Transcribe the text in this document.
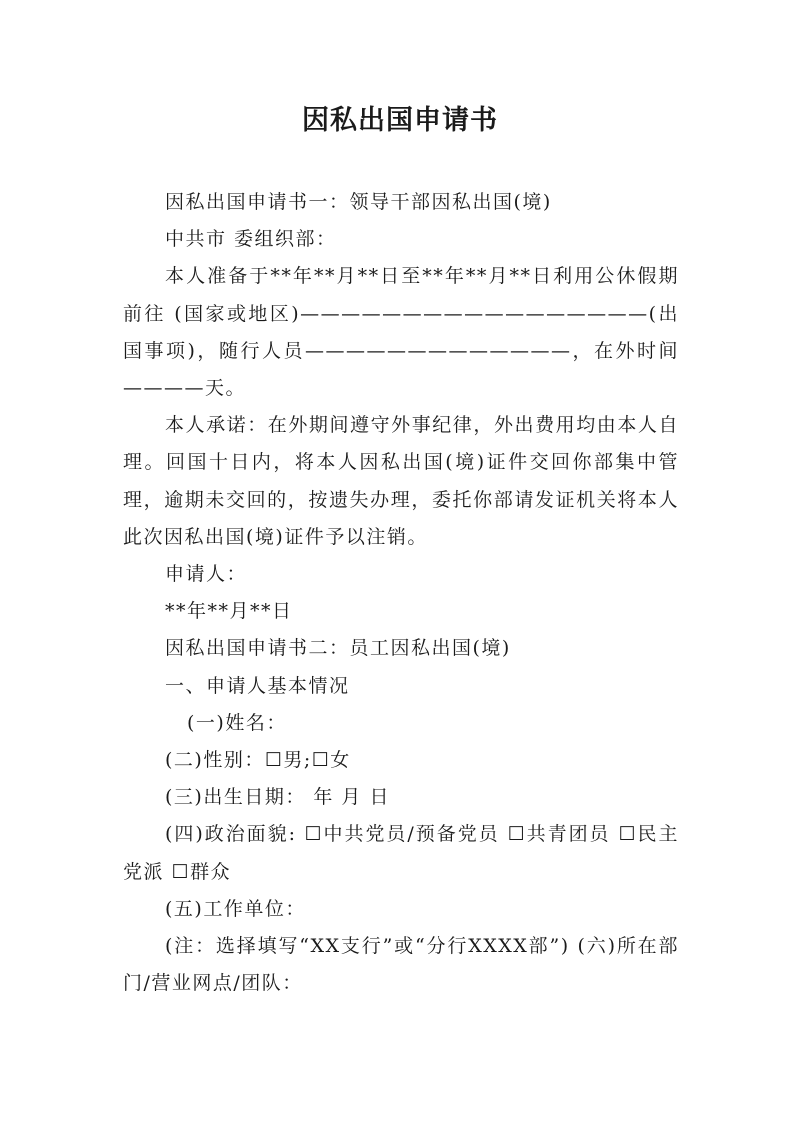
因私出国申请书

因私出国申请书一：领导干部因私出国(境)

中共市 委组织部：

本人准备于**年**月**日至**年**月**日利用公休假期前往 (国家或地区)—————————————————(出国事项)，随行人员—————————————，在外时间————天。

本人承诺：在外期间遵守外事纪律，外出费用均由本人自理。回国十日内，将本人因私出国(境)证件交回你部集中管理，逾期未交回的，按遗失办理，委托你部请发证机关将本人此次因私出国(境)证件予以注销。

申请人：

**年**月**日

因私出国申请书二：员工因私出国(境)

一、申请人基本情况

(一)姓名：

(二)性别：☐男;☐女

(三)出生日期： 年 月 日

(四)政治面貌: ☐中共党员/预备党员 ☐共青团员 ☐民主党派 ☐群众

(五)工作单位：

(注：选择填写“XX支行”或“分行XXXX部”) (六)所在部门/营业网点/团队：
